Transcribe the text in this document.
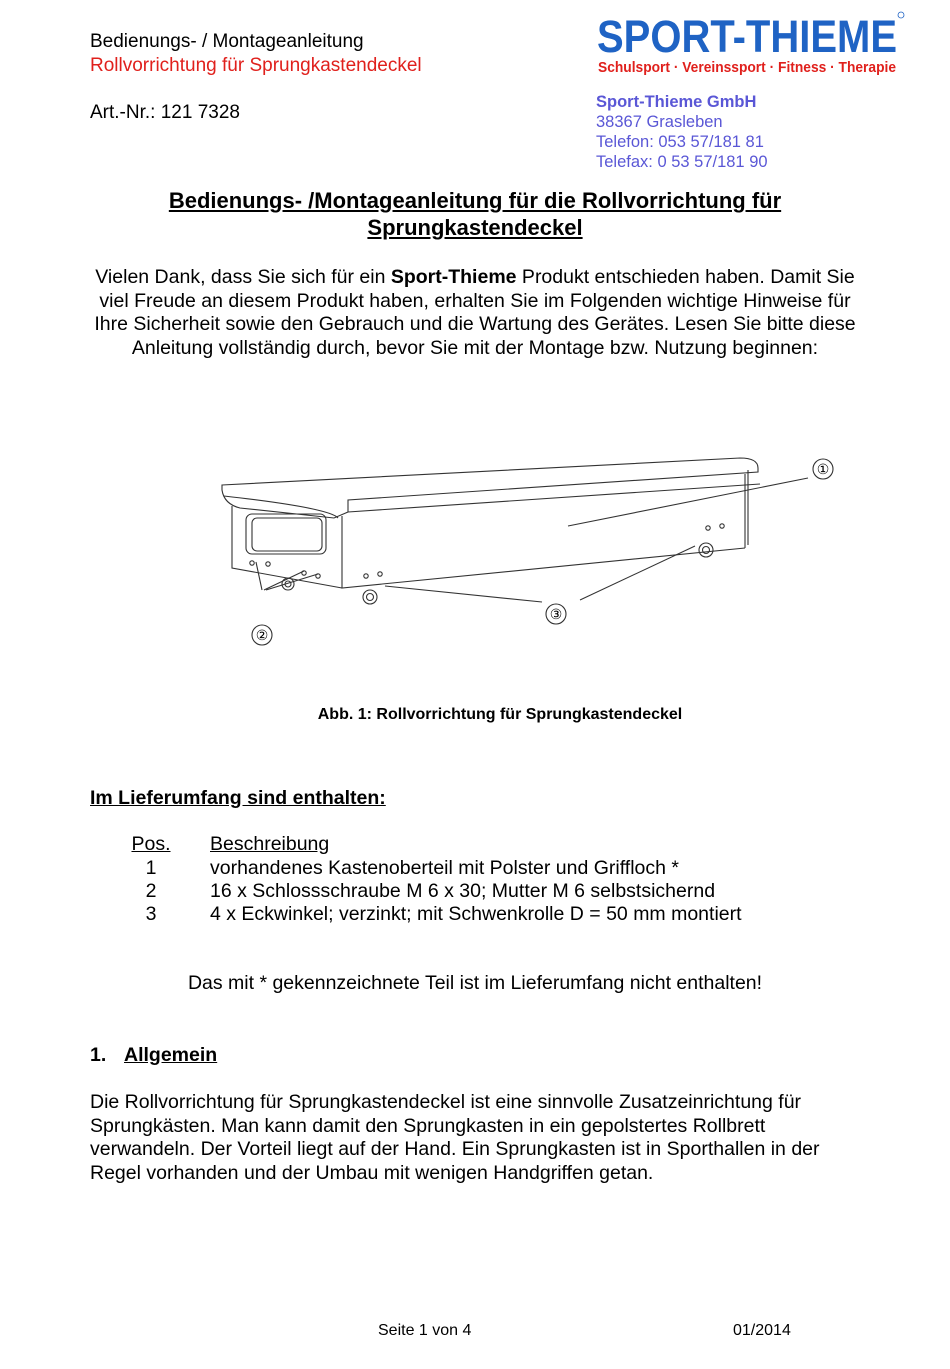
Bedienungs- / Montageanleitung
Rollvorrichtung für Sprungkastendeckel
Art.-Nr.: 121 7328
SPORT-THIEME
Schulsport · Vereinssport · Fitness · Therapie
Sport-Thieme GmbH
38367 Grasleben
Telefon: 053 57/181 81
Telefax: 0 53 57/181 90
Bedienungs- /Montageanleitung für die Rollvorrichtung für
Sprungkastendeckel
Vielen Dank, dass Sie sich für ein Sport-Thieme Produkt entschieden haben. Damit Sie viel Freude an diesem Produkt haben, erhalten Sie im Folgenden wichtige Hinweise für Ihre Sicherheit sowie den Gebrauch und die Wartung des Gerätes. Lesen Sie bitte diese Anleitung vollständig durch, bevor Sie mit der Montage bzw. Nutzung beginnen:
①
②
③
Abb. 1: Rollvorrichtung für Sprungkastendeckel
Im Lieferumfang sind enthalten:
Pos. Beschreibung
1	vorhandenes Kastenoberteil mit Polster und Griffloch *
2	16 x Schlossschraube M 6 x 30; Mutter M 6 selbstsichernd
3	4 x Eckwinkel; verzinkt; mit Schwenkrolle D = 50 mm montiert
Das mit * gekennzeichnete Teil ist im Lieferumfang nicht enthalten!
1. Allgemein
Die Rollvorrichtung für Sprungkastendeckel ist eine sinnvolle Zusatzeinrichtung für Sprungkästen. Man kann damit den Sprungkasten in ein gepolstertes Rollbrett verwandeln. Der Vorteil liegt auf der Hand. Ein Sprungkasten ist in Sporthallen in der Regel vorhanden und der Umbau mit wenigen Handgriffen getan.
Seite 1 von 4	01/2014
